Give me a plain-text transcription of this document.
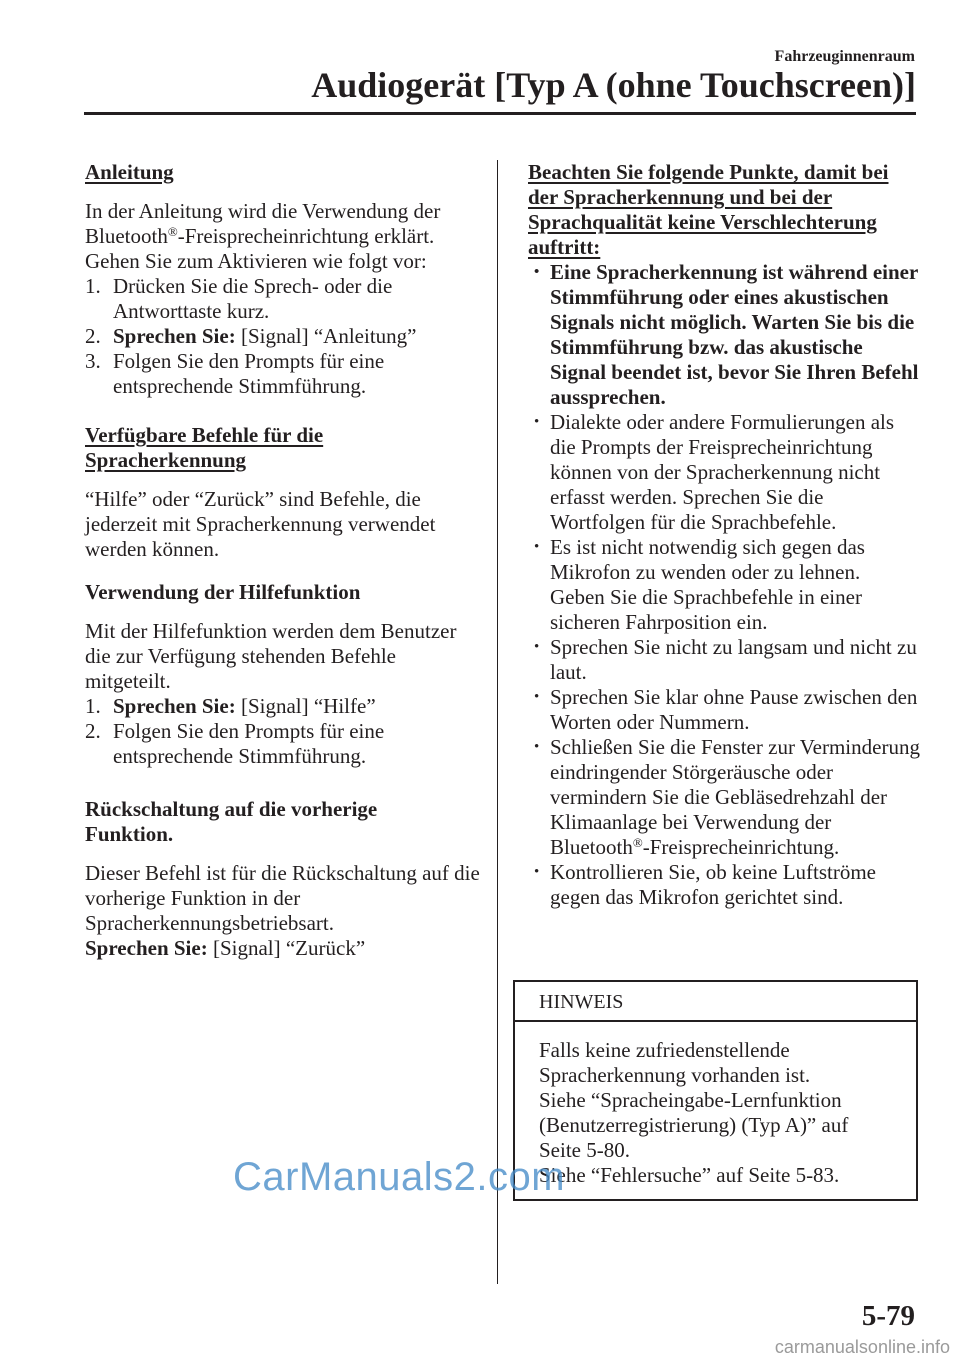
Fahrzeuginnenraum
Audiogerät [Typ A (ohne Touchscreen)]

Anleitung

In der Anleitung wird die Verwendung der Bluetooth®-Freisprecheinrichtung erklärt. Gehen Sie zum Aktivieren wie folgt vor:

1. Drücken Sie die Sprech- oder die Antworttaste kurz.
2. Sprechen Sie: [Signal] “Anleitung”
3. Folgen Sie den Prompts für eine entsprechende Stimmführung.

Verfügbare Befehle für die Spracherkennung

“Hilfe” oder “Zurück” sind Befehle, die jederzeit mit Spracherkennung verwendet werden können.

Verwendung der Hilfefunktion

Mit der Hilfefunktion werden dem Benutzer die zur Verfügung stehenden Befehle mitgeteilt.

1. Sprechen Sie: [Signal] “Hilfe”
2. Folgen Sie den Prompts für eine entsprechende Stimmführung.

Rückschaltung auf die vorherige Funktion.

Dieser Befehl ist für die Rückschaltung auf die vorherige Funktion in der Spracherkennungsbetriebsart.

Sprechen Sie: [Signal] “Zurück”

Beachten Sie folgende Punkte, damit bei der Spracherkennung und bei der Sprachqualität keine Verschlechterung auftritt:

• Eine Spracherkennung ist während einer Stimmführung oder eines akustischen Signals nicht möglich. Warten Sie bis die Stimmführung bzw. das akustische Signal beendet ist, bevor Sie Ihren Befehl aussprechen.
• Dialekte oder andere Formulierungen als die Prompts der Freisprecheinrichtung können von der Spracherkennung nicht erfasst werden. Sprechen Sie die Wortfolgen für die Sprachbefehle.
• Es ist nicht notwendig sich gegen das Mikrofon zu wenden oder zu lehnen. Geben Sie die Sprachbefehle in einer sicheren Fahrposition ein.
• Sprechen Sie nicht zu langsam und nicht zu laut.
• Sprechen Sie klar ohne Pause zwischen den Worten oder Nummern.
• Schließen Sie die Fenster zur Verminderung eindringender Störgeräusche oder vermindern Sie die Gebläsedrehzahl der Klimaanlage bei Verwendung der Bluetooth®-Freisprecheinrichtung.
• Kontrollieren Sie, ob keine Luftströme gegen das Mikrofon gerichtet sind.
HINWEIS
Falls keine zufriedenstellende
Spracherkennung vorhanden ist.
Siehe “Spracheingabe-Lernfunktion
(Benutzerregistrierung) (Typ A)” auf
Seite 5-80.
Siehe “Fehlersuche” auf Seite 5-83.
CarManuals2.com
5-79
carmanualsonline.info
